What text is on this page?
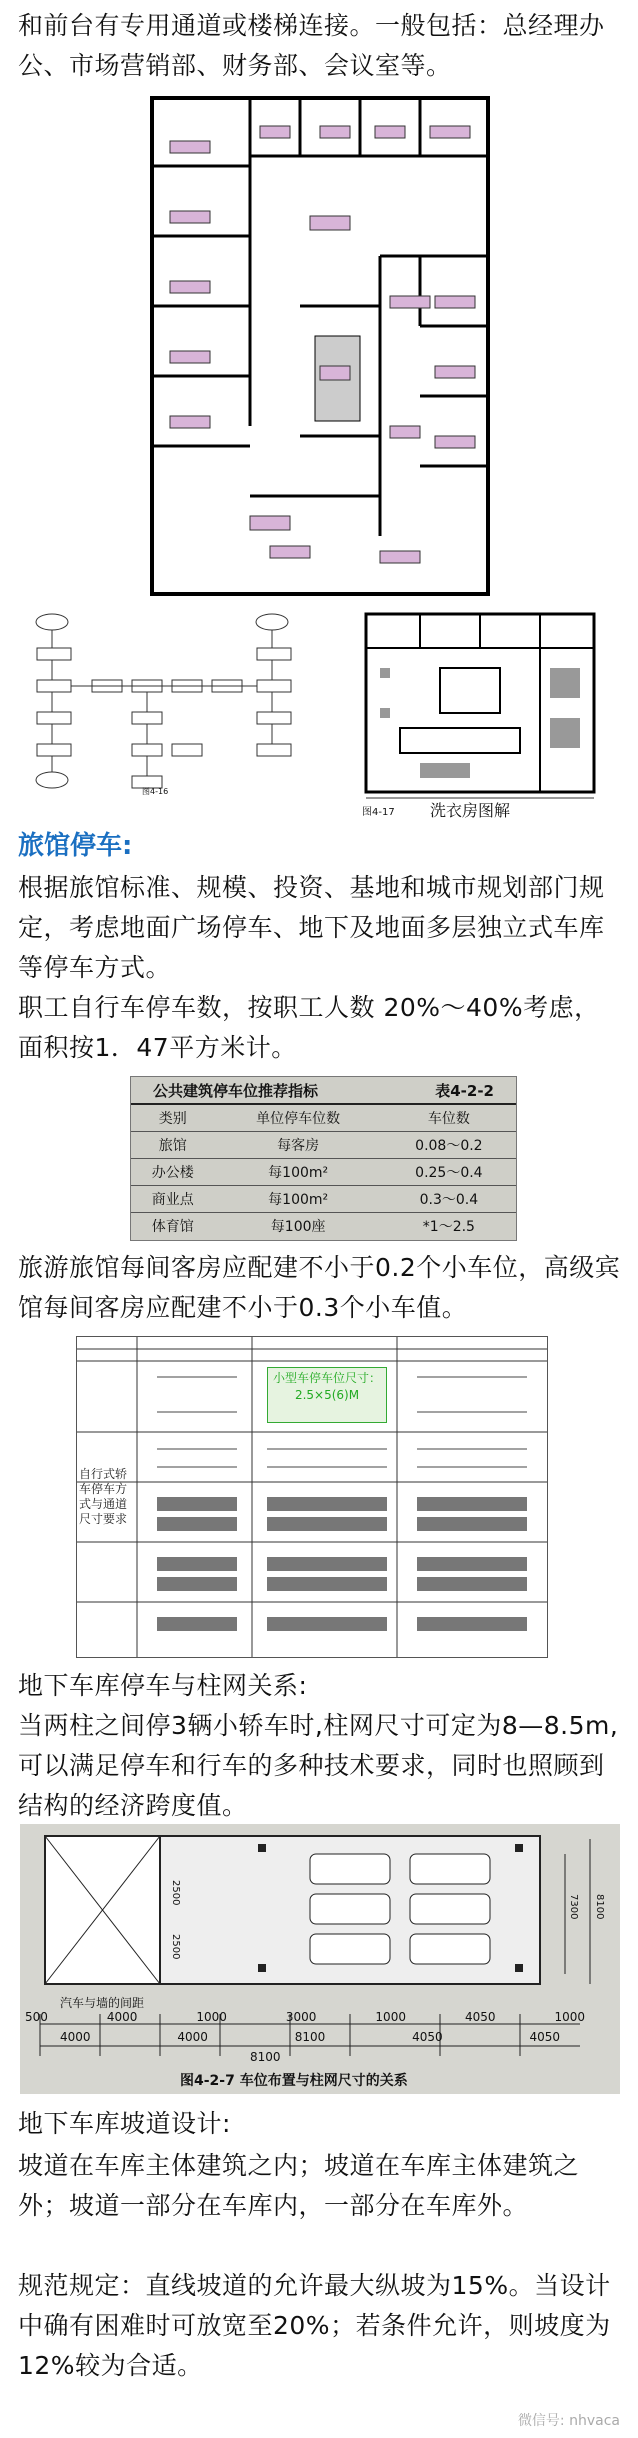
和前台有专用通道或楼梯连接。一般包括：总经理办公、市场营销部、财务部、会议室等。
图4-16
图4-17 洗衣房图解
旅馆停车:
根据旅馆标准、规模、投资、基地和城市规划部门规定，考虑地面广场停车、地下及地面多层独立式车库等停车方式。
职工自行车停车数，按职工人数 20%～40%考虑，面积按1．47平方米计。
公共建筑停车位推荐指标	表4-2-2
类别	单位停车位数	车位数
旅馆	每客房	0.08～0.2
办公楼	每100m²	0.25～0.4
商业点	每100m²	0.3～0.4
体育馆	每100座	*1～2.5
旅游旅馆每间客房应配建不小于0.2个小车位，高级宾馆每间客房应配建不小于0.3个小车值。
自行式轿车停车方式与通道尺寸要求
小型车停车位尺寸：2.5×5(6)M
地下车库停车与柱网关系:
当两柱之间停3辆小轿车时,柱网尺寸可定为8—8.5m,可以满足停车和行车的多种技术要求，同时也照顾到结构的经济跨度值。
汽车与墙的间距
500	4000	1000	3000	1000	4050	1000
4000	4000	8100	4050	4050
8100
7300 8100
2500
2500
图4-2-7 车位布置与柱网尺寸的关系
地下车库坡道设计:
坡道在车库主体建筑之内；坡道在车库主体建筑之外；坡道一部分在车库内，一部分在车库外。
规范规定：直线坡道的允许最大纵坡为15%。当设计中确有困难时可放宽至20%；若条件允许，则坡度为12%较为合适。
微信号: nhvaca
